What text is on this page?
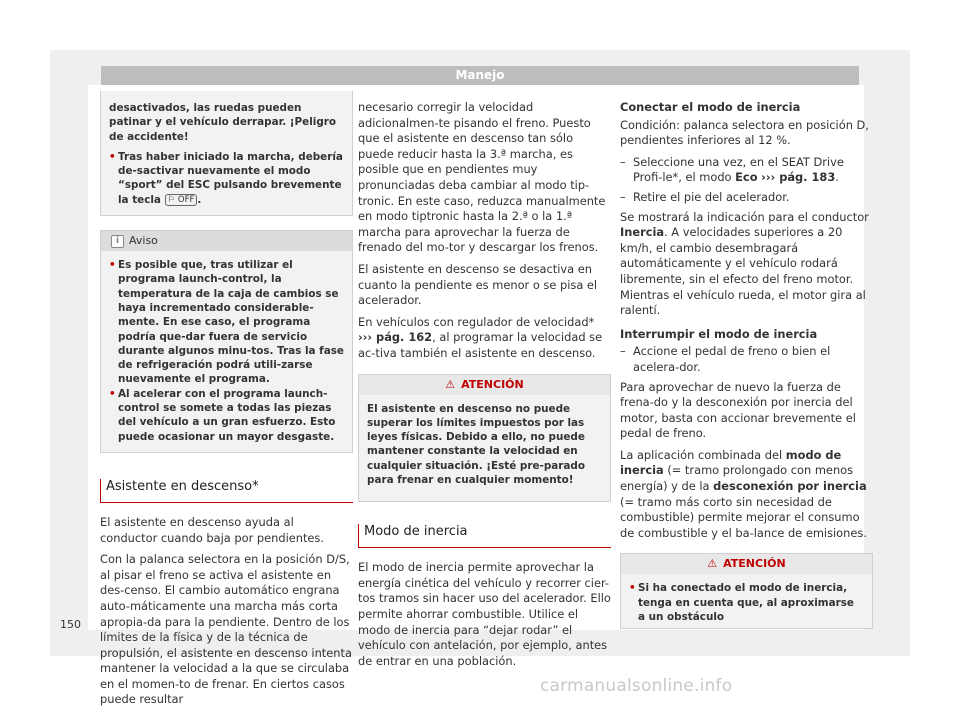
Manejo

desactivados, las ruedas pueden patinar y el vehículo derrapar. ¡Peligro de accidente!

• Tras haber iniciado la marcha, debería de-sactivar nuevamente el modo “sport” del ESC pulsando brevemente la tecla ⚐ OFF .

i Aviso

• Es posible que, tras utilizar el programa launch-control, la temperatura de la caja de cambios se haya incrementado considerable-mente. En ese caso, el programa podría que-dar fuera de servicio durante algunos minu-tos. Tras la fase de refrigeración podrá utili-zarse nuevamente el programa.

• Al acelerar con el programa launch-control se somete a todas las piezas del vehículo a un gran esfuerzo. Esto puede ocasionar un mayor desgaste.

Asistente en descenso*

El asistente en descenso ayuda al conductor cuando baja por pendientes.

Con la palanca selectora en la posición D/S, al pisar el freno se activa el asistente en des-censo. El cambio automático engrana auto-máticamente una marcha más corta apropia-da para la pendiente. Dentro de los límites de la física y de la técnica de propulsión, el asistente en descenso intenta mantener la velocidad a la que se circulaba en el momen-to de frenar. En ciertos casos puede resultar

necesario corregir la velocidad adicionalmen-te pisando el freno. Puesto que el asistente en descenso tan sólo puede reducir hasta la 3.ª marcha, es posible que en pendientes muy pronunciadas deba cambiar al modo tip-tronic. En este caso, reduzca manualmente en modo tiptronic hasta la 2.ª o la 1.ª marcha para aprovechar la fuerza de frenado del mo-tor y descargar los frenos.

El asistente en descenso se desactiva en cuanto la pendiente es menor o se pisa el acelerador.

En vehículos con regulador de velocidad* ››› pág. 162, al programar la velocidad se ac-tiva también el asistente en descenso.

⚠ ATENCIÓN

El asistente en descenso no puede superar los límites impuestos por las leyes físicas. Debido a ello, no puede mantener constante la velocidad en cualquier situación. ¡Esté pre-parado para frenar en cualquier momento!

Modo de inercia

El modo de inercia permite aprovechar la energía cinética del vehículo y recorrer cier-tos tramos sin hacer uso del acelerador. Ello permite ahorrar combustible. Utilice el modo de inercia para “dejar rodar” el vehículo con antelación, por ejemplo, antes de entrar en una población.

Conectar el modo de inercia

Condición: palanca selectora en posición D, pendientes inferiores al 12 %.

– Seleccione una vez, en el SEAT Drive Profi-le*, el modo Eco ››› pág. 183.

– Retire el pie del acelerador.

Se mostrará la indicación para el conductor Inercia. A velocidades superiores a 20 km/h, el cambio desembragará automáticamente y el vehículo rodará libremente, sin el efecto del freno motor. Mientras el vehículo rueda, el motor gira al ralentí.

Interrumpir el modo de inercia

– Accione el pedal de freno o bien el acelera-dor.

Para aprovechar de nuevo la fuerza de frena-do y la desconexión por inercia del motor, basta con accionar brevemente el pedal de freno.

La aplicación combinada del modo de inercia (= tramo prolongado con menos energía) y de la desconexión por inercia (= tramo más corto sin necesidad de combustible) permite mejorar el consumo de combustible y el ba-lance de emisiones.

⚠ ATENCIÓN

• Si ha conectado el modo de inercia, tenga en cuenta que, al aproximarse a un obstáculo

150
carmanualsonline.info
